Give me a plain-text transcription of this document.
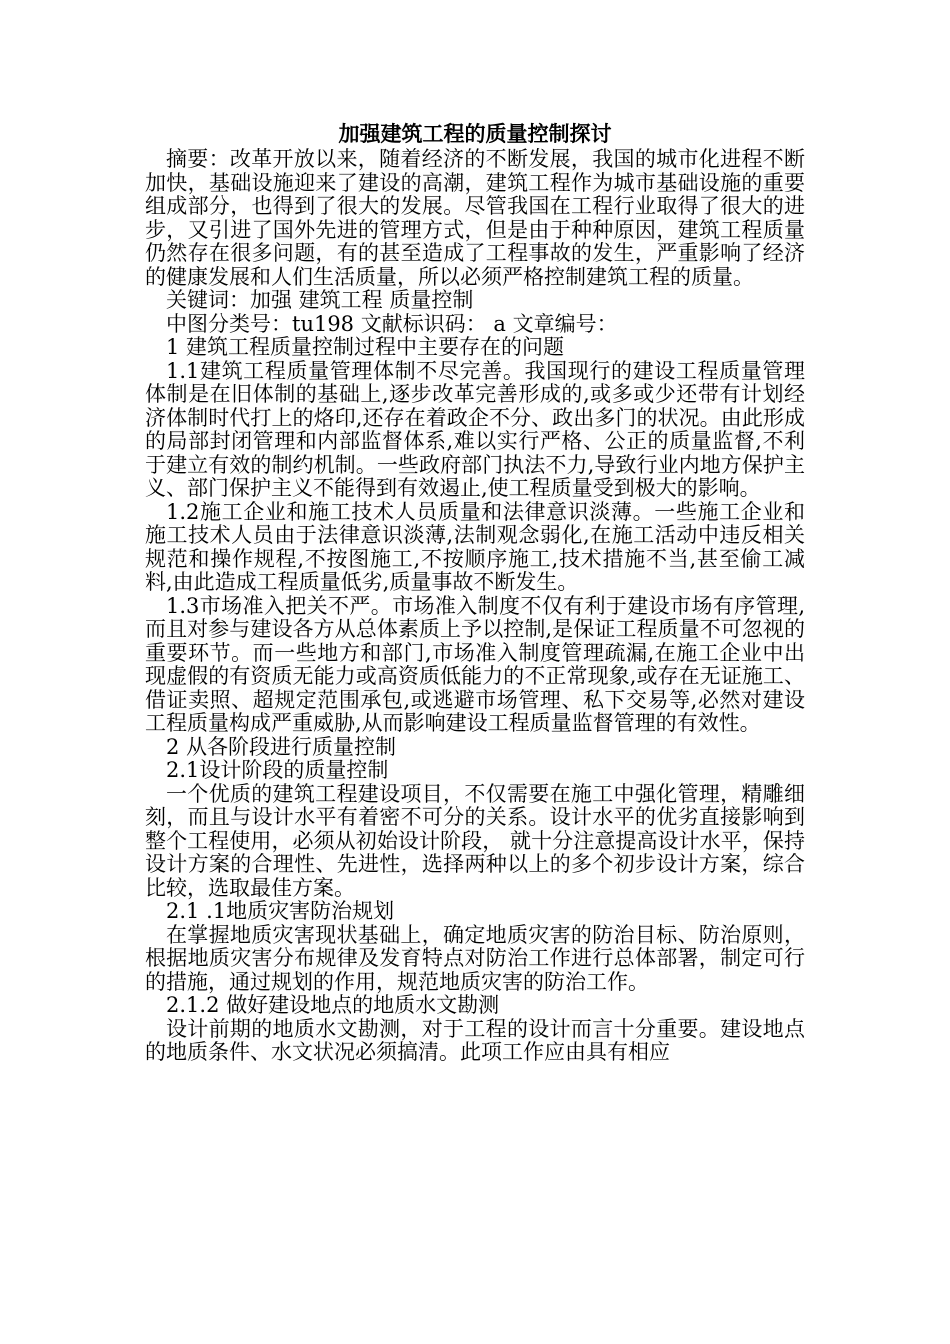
加强建筑工程的质量控制探讨

摘要：改革开放以来，随着经济的不断发展，我国的城市化进程不断加快，基础设施迎来了建设的高潮，建筑工程作为城市基础设施的重要组成部分，也得到了很大的发展。尽管我国在工程行业取得了很大的进步，又引进了国外先进的管理方式，但是由于种种原因，建筑工程质量仍然存在很多问题，有的甚至造成了工程事故的发生，严重影响了经济的健康发展和人们生活质量，所以必须严格控制建筑工程的质量。

关键词：加强 建筑工程 质量控制

中图分类号：tu198 文献标识码： a 文章编号：

1 建筑工程质量控制过程中主要存在的问题

1.1建筑工程质量管理体制不尽完善。我国现行的建设工程质量管理体制是在旧体制的基础上,逐步改革完善形成的,或多或少还带有计划经济体制时代打上的烙印,还存在着政企不分、政出多门的状况。由此形成的局部封闭管理和内部监督体系,难以实行严格、公正的质量监督,不利于建立有效的制约机制。一些政府部门执法不力,导致行业内地方保护主义、部门保护主义不能得到有效遏止,使工程质量受到极大的影响。

1.2施工企业和施工技术人员质量和法律意识淡薄。一些施工企业和施工技术人员由于法律意识淡薄,法制观念弱化,在施工活动中违反相关规范和操作规程,不按图施工,不按顺序施工,技术措施不当,甚至偷工减料,由此造成工程质量低劣,质量事故不断发生。

1.3市场准入把关不严。市场准入制度不仅有利于建设市场有序管理,而且对参与建设各方从总体素质上予以控制,是保证工程质量不可忽视的重要环节。而一些地方和部门,市场准入制度管理疏漏,在施工企业中出现虚假的有资质无能力或高资质低能力的不正常现象,或存在无证施工、借证卖照、超规定范围承包,或逃避市场管理、私下交易等,必然对建设工程质量构成严重威胁,从而影响建设工程质量监督管理的有效性。

2 从各阶段进行质量控制

2.1设计阶段的质量控制

一个优质的建筑工程建设项目，不仅需要在施工中强化管理，精雕细刻，而且与设计水平有着密不可分的关系。设计水平的优劣直接影响到整个工程使用，必须从初始设计阶段， 就十分注意提高设计水平，保持设计方案的合理性、先进性，选择两种以上的多个初步设计方案，综合比较，选取最佳方案。

2.1 .1地质灾害防治规划

在掌握地质灾害现状基础上，确定地质灾害的防治目标、防治原则，根据地质灾害分布规律及发育特点对防治工作进行总体部署，制定可行的措施，通过规划的作用，规范地质灾害的防治工作。

2.1.2 做好建设地点的地质水文勘测

设计前期的地质水文勘测，对于工程的设计而言十分重要。建设地点的地质条件、水文状况必须搞清。此项工作应由具有相应
